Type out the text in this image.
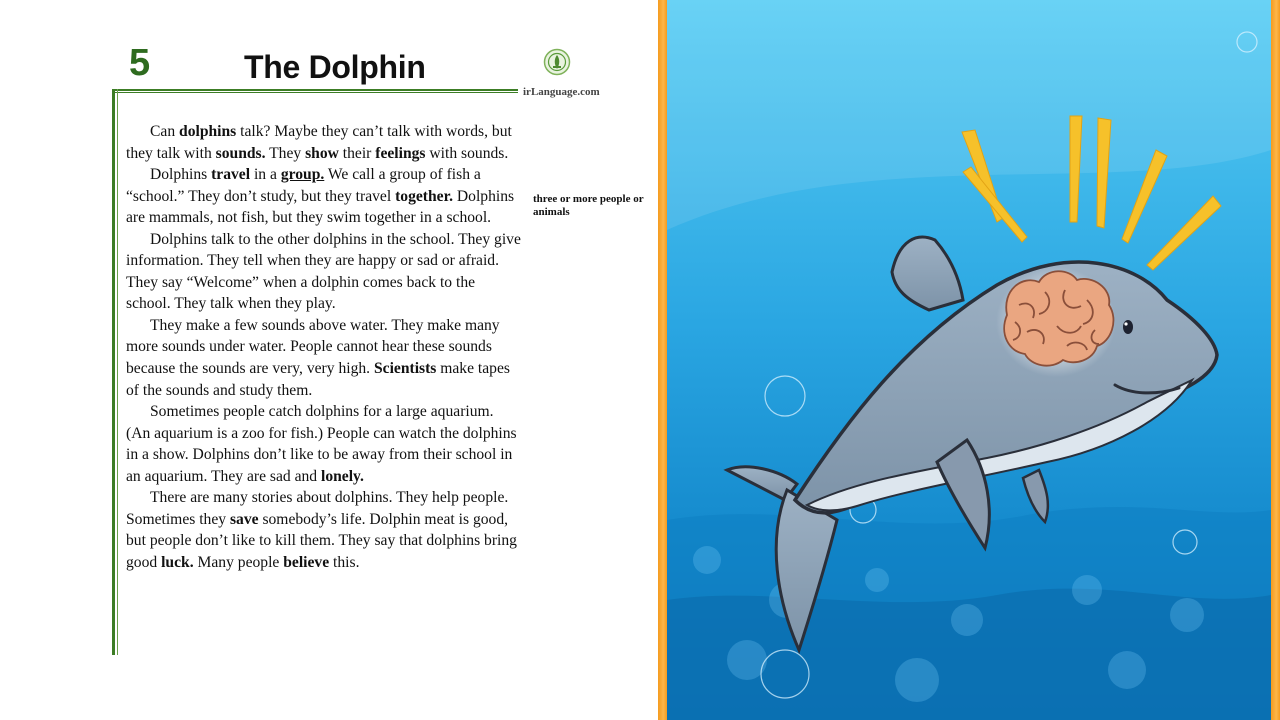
5	The Dolphin
irLanguage.com

Can dolphins talk? Maybe they can’t talk with words, but they talk with sounds. They show their feelings with sounds.

Dolphins travel in a group. We call a group of fish a “school.” They don’t study, but they travel together. Dolphins are mammals, not fish, but they swim together in a school.

Dolphins talk to the other dolphins in the school. They give information. They tell when they are happy or sad or afraid. They say “Welcome” when a dolphin comes back to the school. They talk when they play.

They make a few sounds above water. They make many more sounds under water. People cannot hear these sounds because the sounds are very, very high. Scientists make tapes of the sounds and study them.

Sometimes people catch dolphins for a large aquarium. (An aquarium is a zoo for fish.) People can watch the dolphins in a show. Dolphins don’t like to be away from their school in an aquarium. They are sad and lonely.

There are many stories about dolphins. They help people. Sometimes they save somebody’s life. Dolphin meat is good, but people don’t like to kill them. They say that dolphins bring good luck. Many people believe this.

three or more people or animals
